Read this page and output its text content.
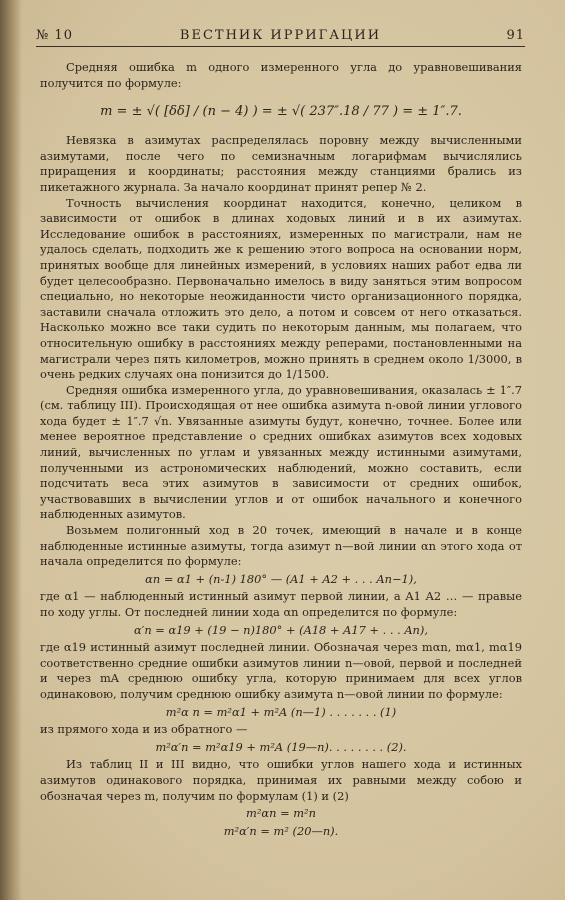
№ 10	ВЕСТНИК ИРРИГАЦИИ	91

Средняя ошибка m одного измеренного угла до уравновешивания получится по формуле:

m = ± √( [δδ] / (n − 4) ) = ± √( 237″.18 / 77 ) = ± 1″.7.

Невязка в азимутах распределялась поровну между вычисленными азимутами, после чего по семизначным логарифмам вычислялись приращения и координаты; расстояния между станциями брались из пикетажного журнала. За начало координат принят репер № 2.

Точность вычисления координат находится, конечно, целиком в зависимости от ошибок в длинах ходовых линий и в их азимутах. Исследование ошибок в расстояниях, измеренных по магистрали, нам не удалось сделать, подходить же к решению этого вопроса на основании норм, принятых вообще для линейных измерений, в условиях наших работ едва ли будет целесообразно. Первоначально имелось в виду заняться этим вопросом специально, но некоторые неожиданности чисто организационного порядка, заставили сначала отложить это дело, а потом и совсем от него отказаться. Насколько можно все таки судить по некоторым данным, мы полагаем, что относительную ошибку в расстояниях между реперами, постановленными на магистрали через пять километров, можно принять в среднем около 1/3000, в очень редких случаях она понизится до 1/1500.

Средняя ошибка измеренного угла, до уравновешивания, оказалась ± 1″.7 (см. таблицу III). Происходящая от нее ошибка азимута n-овой линии углового хода будет ± 1″.7 √n. Увязанные азимуты будут, конечно, точнее. Более или менее вероятное представление о средних ошибках азимутов всех ходовых линий, вычисленных по углам и увязанных между истинными азимутами, полученными из астрономических наблюдений, можно составить, если подсчитать веса этих азимутов в зависимости от средних ошибок, участвовавших в вычислении углов и от ошибок начального и конечного наблюденных азимутов.

Возьмем полигонный ход в 20 точек, имеющий в начале и в конце наблюденные истинные азимуты, тогда азимут n—вой линии αn этого хода от начала определится по формуле:

αn = α1 + (n-1) 180° — (A1 + A2 + . . . An−1),

где α1 — наблюденный истинный азимут первой линии, а A1 A2 … — правые по ходу углы. От последней линии хода αn определится по формуле:

α′n = α19 + (19 − n)180° + (A18 + A17 + . . . An),

где α19 истинный азимут последней линии. Обозначая через mαn, mα1, mα19 соответственно средние ошибки азимутов линии n—овой, первой и последней и через mA среднюю ошибку угла, которую принимаем для всех углов одинаковою, получим среднюю ошибку азимута n—овой линии по формуле:

m²α n = m²α1 + m²A (n—1) . . . . . . . (1)

из прямого хода и из обратного —

m²α′n = m²α19 + m²A (19—n). . . . . . . . (2).

Из таблиц II и III видно, что ошибки углов нашего хода и истинных азимутов одинакового порядка, принимая их равными между собою и обозначая через m, получим по формулам (1) и (2)

m²αn = m²n
m²α′n = m² (20—n).
